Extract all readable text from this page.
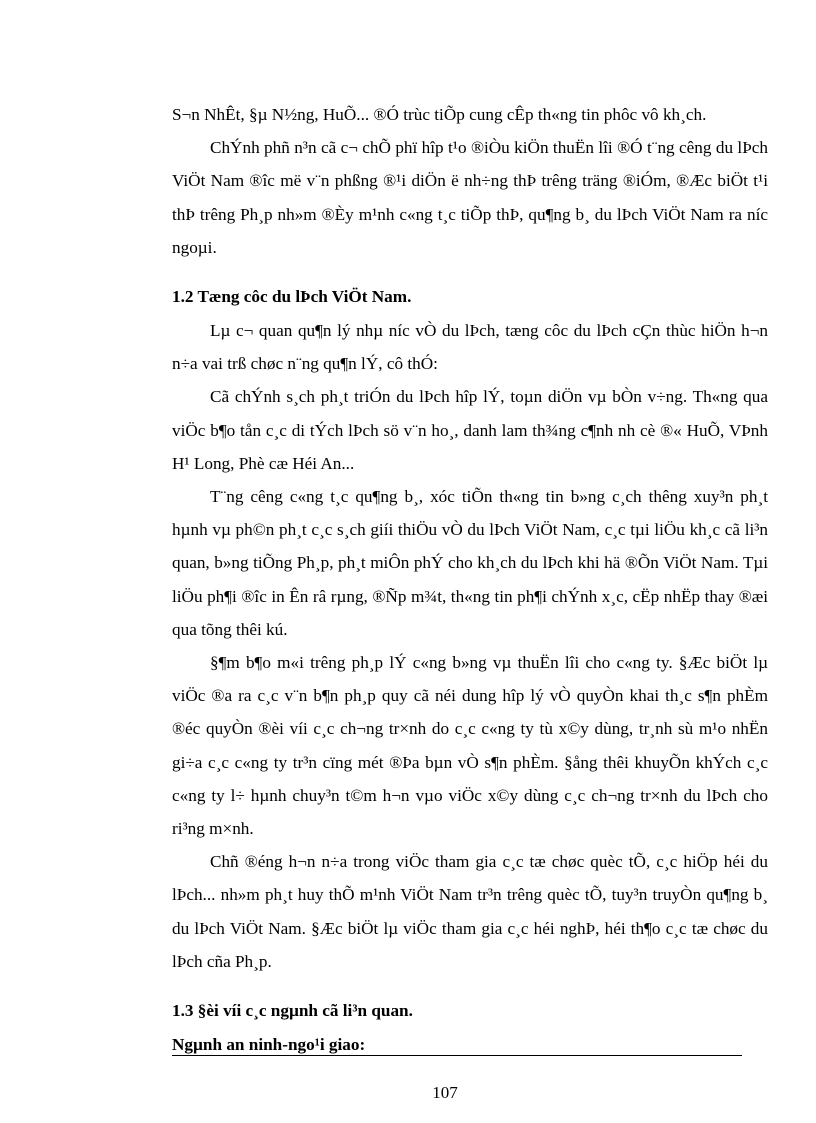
S¬n NhÊt, §µ N½ng, HuÕ... ®Ó trùc tiÕp cung cÊp th«ng tin phôc vô kh¸ch.

ChÝnh phñ n³n cã c¬ chÕ phï hîp t¹o ®iÒu kiÖn thuËn lîi ®Ó t¨ng cêng du lÞch ViÖt Nam ®îc më v¨n phßng ®¹i diÖn ë nh÷ng thÞ trêng träng ®iÓm, ®Æc biÖt t¹i thÞ trêng Ph¸p nh»m ®Èy m¹nh c«ng t¸c tiÕp thÞ, qu¶ng b¸ du lÞch ViÖt Nam ra níc ngoµi.

1.2 Tæng côc du lÞch ViÖt Nam.

Lµ c¬ quan qu¶n lý nhµ níc vÒ du lÞch, tæng côc du lÞch cÇn thùc hiÖn h¬n n÷a vai trß chøc n¨ng qu¶n lÝ, cô thÓ:

Cã chÝnh s¸ch ph¸t triÓn du lÞch hîp lÝ, toµn diÖn vµ bÒn v÷ng. Th«ng qua viÖc b¶o tån c¸c di tÝch lÞch sö v¨n ho¸, danh lam th¾ng c¶nh nh cè ®« HuÕ, VÞnh H¹ Long, Phè cæ Héi An...

T¨ng cêng c«ng t¸c qu¶ng b¸, xóc tiÕn th«ng tin b»ng c¸ch thêng xuy³n ph¸t hµnh vµ ph©n ph¸t c¸c s¸ch giíi thiÖu vÒ du lÞch ViÖt Nam, c¸c tµi liÖu kh¸c cã li³n quan, b»ng tiÕng Ph¸p, ph¸t miÔn phÝ cho kh¸ch du lÞch khi hä ®Õn ViÖt Nam. Tµi liÖu ph¶i ®îc in Ên râ rµng, ®Ñp m¾t, th«ng tin ph¶i chÝnh x¸c, cËp nhËp thay ®æi qua tõng thêi kú.

§¶m b¶o m«i trêng ph¸p lÝ c«ng b»ng vµ thuËn lîi cho c«ng ty. §Æc biÖt lµ viÖc ®a ra c¸c v¨n b¶n ph¸p quy cã néi dung hîp lý vÒ quyÒn khai th¸c s¶n phÈm ®éc quyÒn ®èi víi c¸c ch¬ng tr×nh do c¸c c«ng ty tù x©y dùng, tr¸nh sù m¹o nhËn gi÷a c¸c c«ng ty tr³n cïng mét ®Þa bµn vÒ s¶n phÈm. §ång thêi khuyÕn khÝch c¸c c«ng ty l÷ hµnh chuy³n t©m h¬n vµo viÖc x©y dùng c¸c ch¬ng tr×nh du lÞch cho ri³ng m×nh.

Chñ ®éng h¬n n÷a trong viÖc tham gia c¸c tæ chøc quèc tÕ, c¸c hiÖp héi du lÞch... nh»m ph¸t huy thÕ m¹nh ViÖt Nam tr³n trêng quèc tÕ, tuy³n truyÒn qu¶ng b¸ du lÞch ViÖt Nam. §Æc biÖt lµ viÖc tham gia c¸c héi nghÞ, héi th¶o c¸c tæ chøc du lÞch cña Ph¸p.

1.3 §èi víi c¸c ngµnh cã li³n quan.
Ngµnh an ninh-ngo¹i giao:
107
